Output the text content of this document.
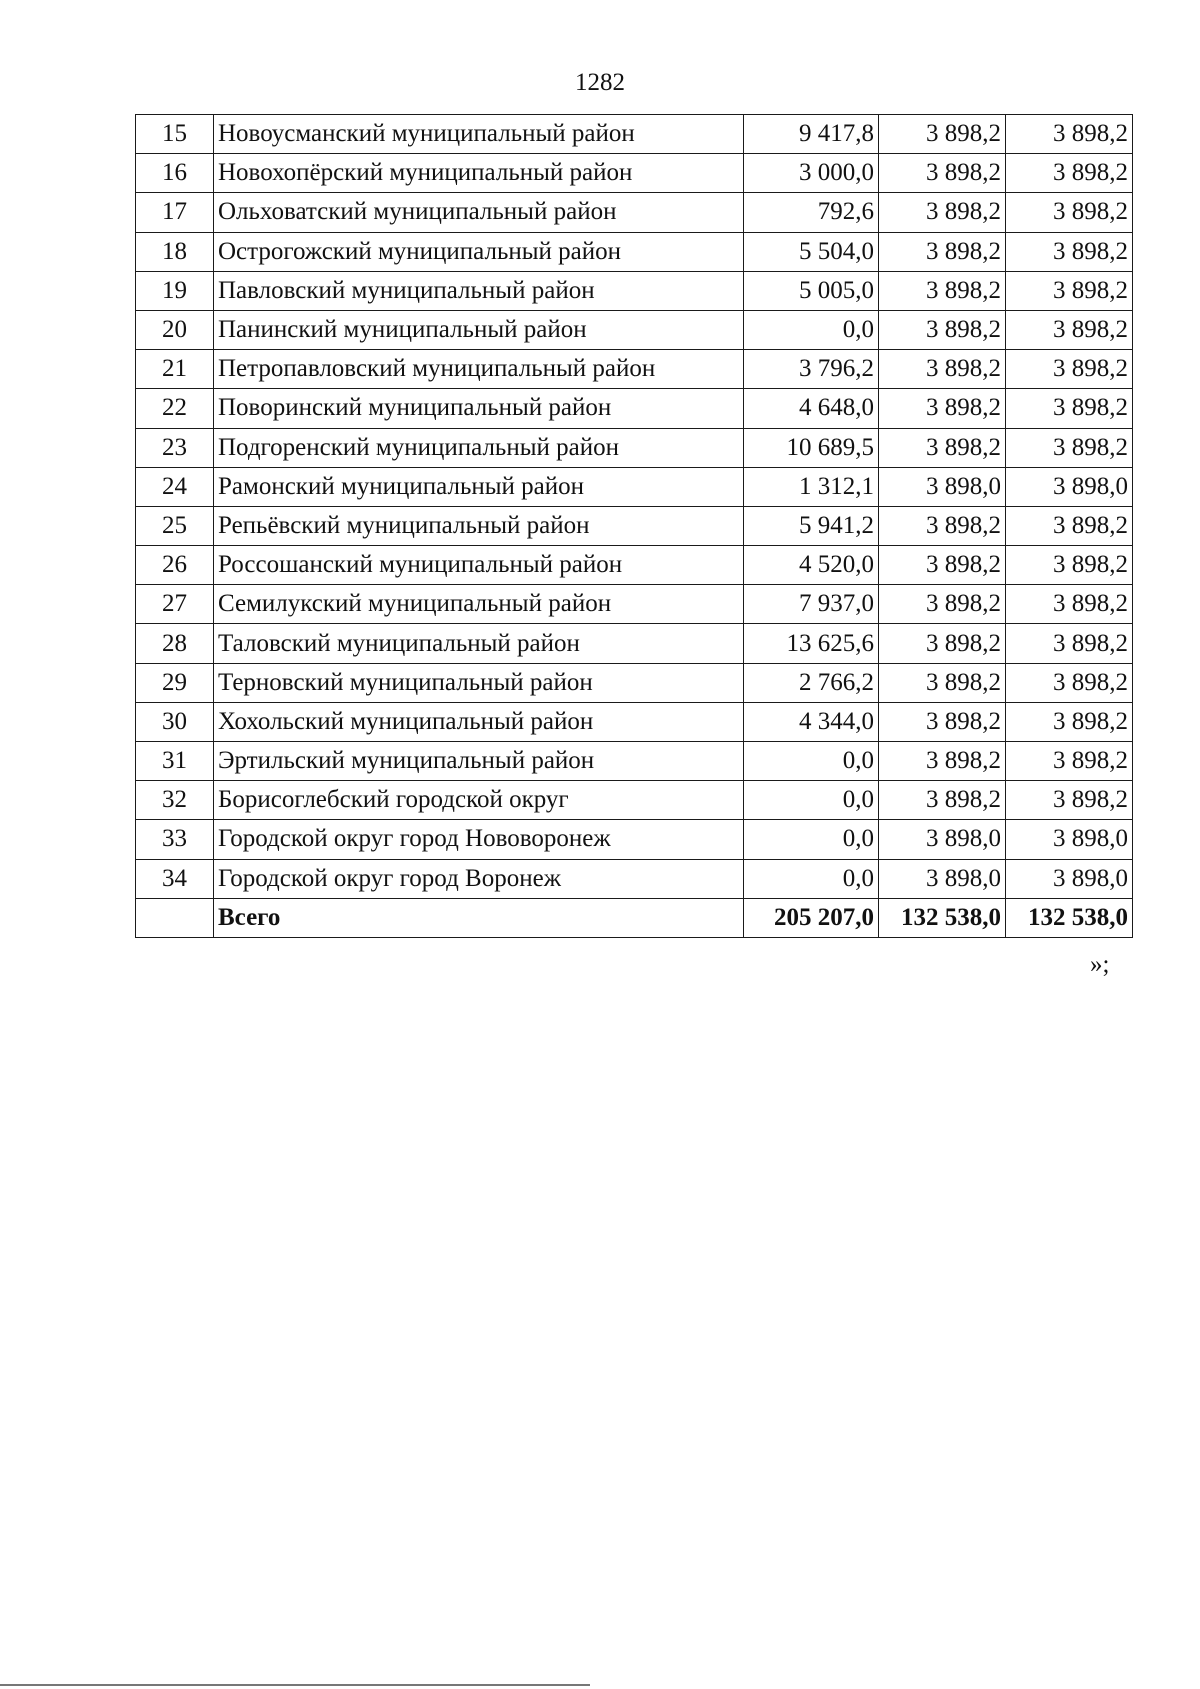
1282
15	Новоусманский муниципальный район	9 417,8	3 898,2	3 898,2
16	Новохопёрский муниципальный район	3 000,0	3 898,2	3 898,2
17	Ольховатский муниципальный район	792,6	3 898,2	3 898,2
18	Острогожский муниципальный район	5 504,0	3 898,2	3 898,2
19	Павловский муниципальный район	5 005,0	3 898,2	3 898,2
20	Панинский муниципальный район	0,0	3 898,2	3 898,2
21	Петропавловский муниципальный район	3 796,2	3 898,2	3 898,2
22	Поворинский муниципальный район	4 648,0	3 898,2	3 898,2
23	Подгоренский муниципальный район	10 689,5	3 898,2	3 898,2
24	Рамонский муниципальный район	1 312,1	3 898,0	3 898,0
25	Репьёвский муниципальный район	5 941,2	3 898,2	3 898,2
26	Россошанский муниципальный район	4 520,0	3 898,2	3 898,2
27	Семилукский муниципальный район	7 937,0	3 898,2	3 898,2
28	Таловский муниципальный район	13 625,6	3 898,2	3 898,2
29	Терновский муниципальный район	2 766,2	3 898,2	3 898,2
30	Хохольский муниципальный район	4 344,0	3 898,2	3 898,2
31	Эртильский муниципальный район	0,0	3 898,2	3 898,2
32	Борисоглебский городской округ	0,0	3 898,2	3 898,2
33	Городской округ город Нововоронеж	0,0	3 898,0	3 898,0
34	Городской округ город Воронеж	0,0	3 898,0	3 898,0
	Всего	205 207,0	132 538,0	132 538,0
»;
